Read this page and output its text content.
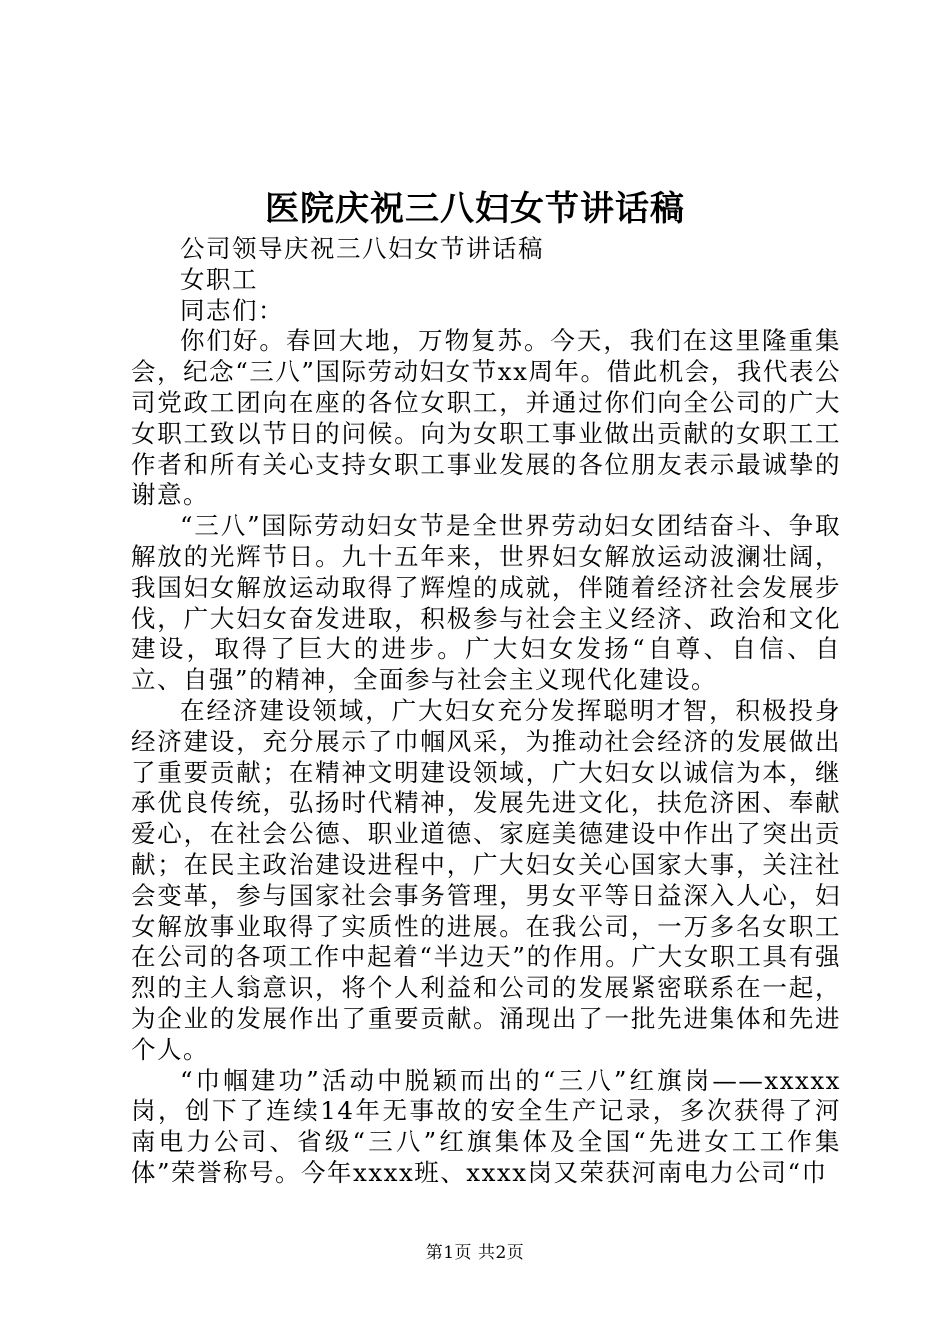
医院庆祝三八妇女节讲话稿

公司领导庆祝三八妇女节讲话稿

女职工

同志们：

你们好。春回大地，万物复苏。今天，我们在这里隆重集会，纪念“三八”国际劳动妇女节xx周年。借此机会，我代表公司党政工团向在座的各位女职工，并通过你们向全公司的广大女职工致以节日的问候。向为女职工事业做出贡献的女职工工作者和所有关心支持女职工事业发展的各位朋友表示最诚挚的谢意。

“三八”国际劳动妇女节是全世界劳动妇女团结奋斗、争取解放的光辉节日。九十五年来，世界妇女解放运动波澜壮阔，我国妇女解放运动取得了辉煌的成就，伴随着经济社会发展步伐，广大妇女奋发进取，积极参与社会主义经济、政治和文化建设，取得了巨大的进步。广大妇女发扬“自尊、自信、自立、自强”的精神，全面参与社会主义现代化建设。

在经济建设领域，广大妇女充分发挥聪明才智，积极投身经济建设，充分展示了巾帼风采，为推动社会经济的发展做出了重要贡献；在精神文明建设领域，广大妇女以诚信为本，继承优良传统，弘扬时代精神，发展先进文化，扶危济困、奉献爱心，在社会公德、职业道德、家庭美德建设中作出了突出贡献；在民主政治建设进程中，广大妇女关心国家大事，关注社会变革，参与国家社会事务管理，男女平等日益深入人心，妇女解放事业取得了实质性的进展。在我公司，一万多名女职工在公司的各项工作中起着“半边天”的作用。广大女职工具有强烈的主人翁意识，将个人利益和公司的发展紧密联系在一起，为企业的发展作出了重要贡献。涌现出了一批先进集体和先进个人。

“巾帼建功”活动中脱颖而出的“三八”红旗岗——xxxxx岗，创下了连续14年无事故的安全生产记录，多次获得了河南电力公司、省级“三八”红旗集体及全国“先进女工工作集体”荣誉称号。今年xxxx班、xxxx岗又荣获河南电力公司“巾

第1页 共2页
